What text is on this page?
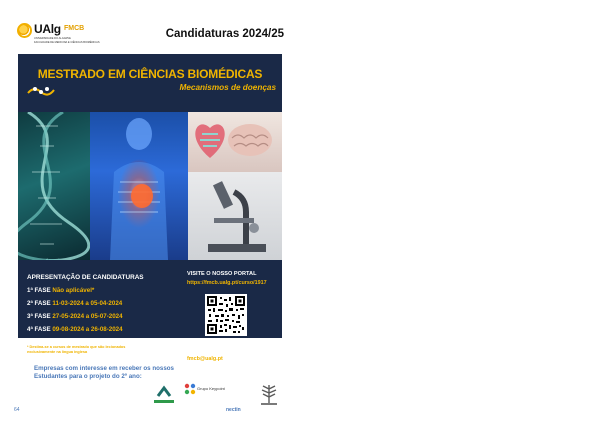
UAlg FMCB
UNIVERSIDADE DO ALGARVE
FACULDADE DE MEDICINA E CIÊNCIAS BIOMÉDICAS
Candidaturas 2024/25
MESTRADO EM CIÊNCIAS BIOMÉDICAS
Mecanismos de doenças
APRESENTAÇÃO DE CANDIDATURAS
1ª FASE Não aplicável*
2ª FASE 11-03-2024 a 05-04-2024
3ª FASE 27-05-2024 a 05-07-2024
4ª FASE 09-08-2024 a 26-08-2024
* Destina-se a cursos de mestrado que são lecionados exclusivamente na língua inglesa
VISITE O NOSSO PORTAL
https://fmcb.ualg.pt/curso/1917
CONTACTO
fmcb@ualg.pt
Empresas com interesse em receber os nossos
Estudantes para o projeto do 2º ano:
Grupo Keypoint
nectin
64
